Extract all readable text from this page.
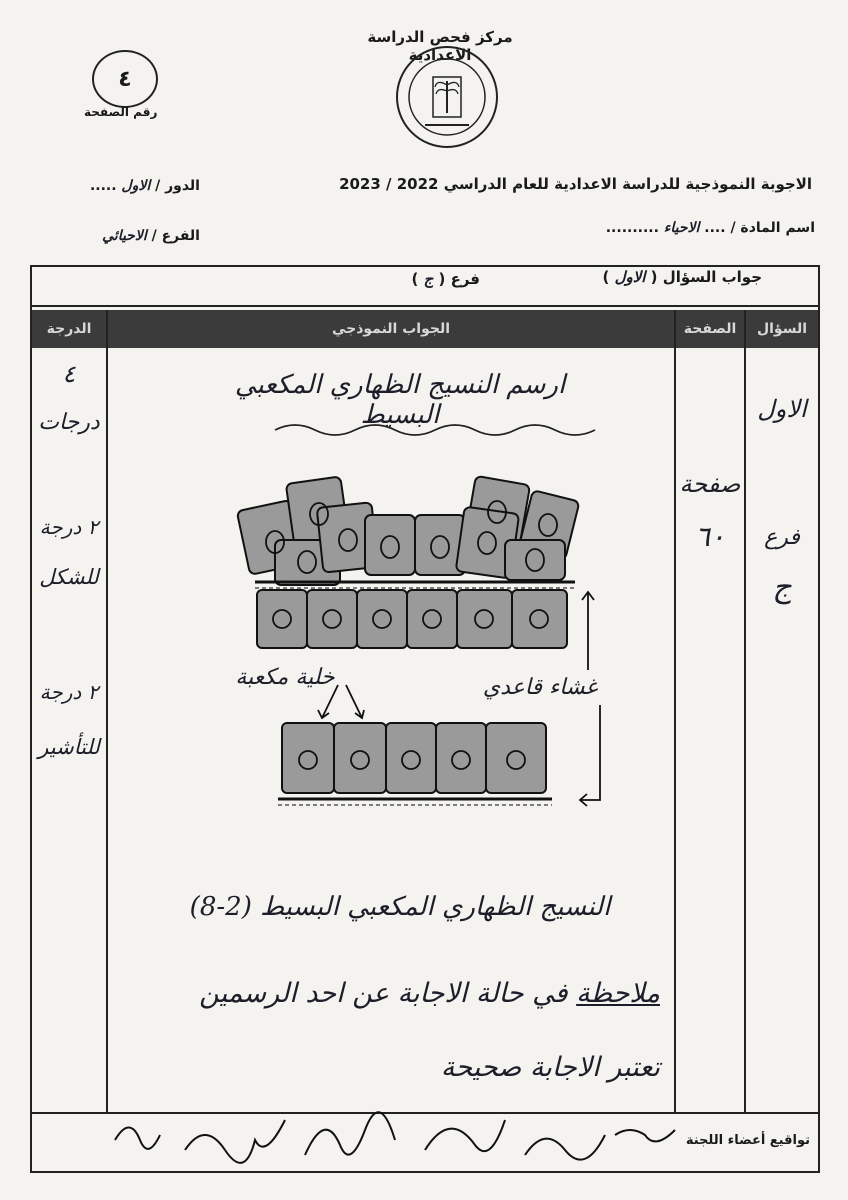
٤
رقم الصفحة
مركز فحص الدراسة الاعدادية
الاجوبة النموذجية للدراسة الاعدادية للعام الدراسي 2022 / 2023
الدور / الاول .....
الفرع / الاحيائي	اسم المادة / .... الاحياء ..........
جواب السؤال ( الاول )
فرع ( ج )
السؤال
الصفحة
الجواب النموذجي
الدرجة
الاول
فرع
ج
صفحة
٦٠
٤
درجات
٢ درجة
للشكل
٢ درجة
للتأشير
ارسم النسيج الظهاري المكعبي البسيط
خلية مكعبة	غشاء قاعدي
النسيج الظهاري المكعبي البسيط (2-8)
ملاحظة في حالة الاجابة عن احد الرسمين
تعتبر الاجابة صحيحة
تواقيع أعضاء اللجنة
